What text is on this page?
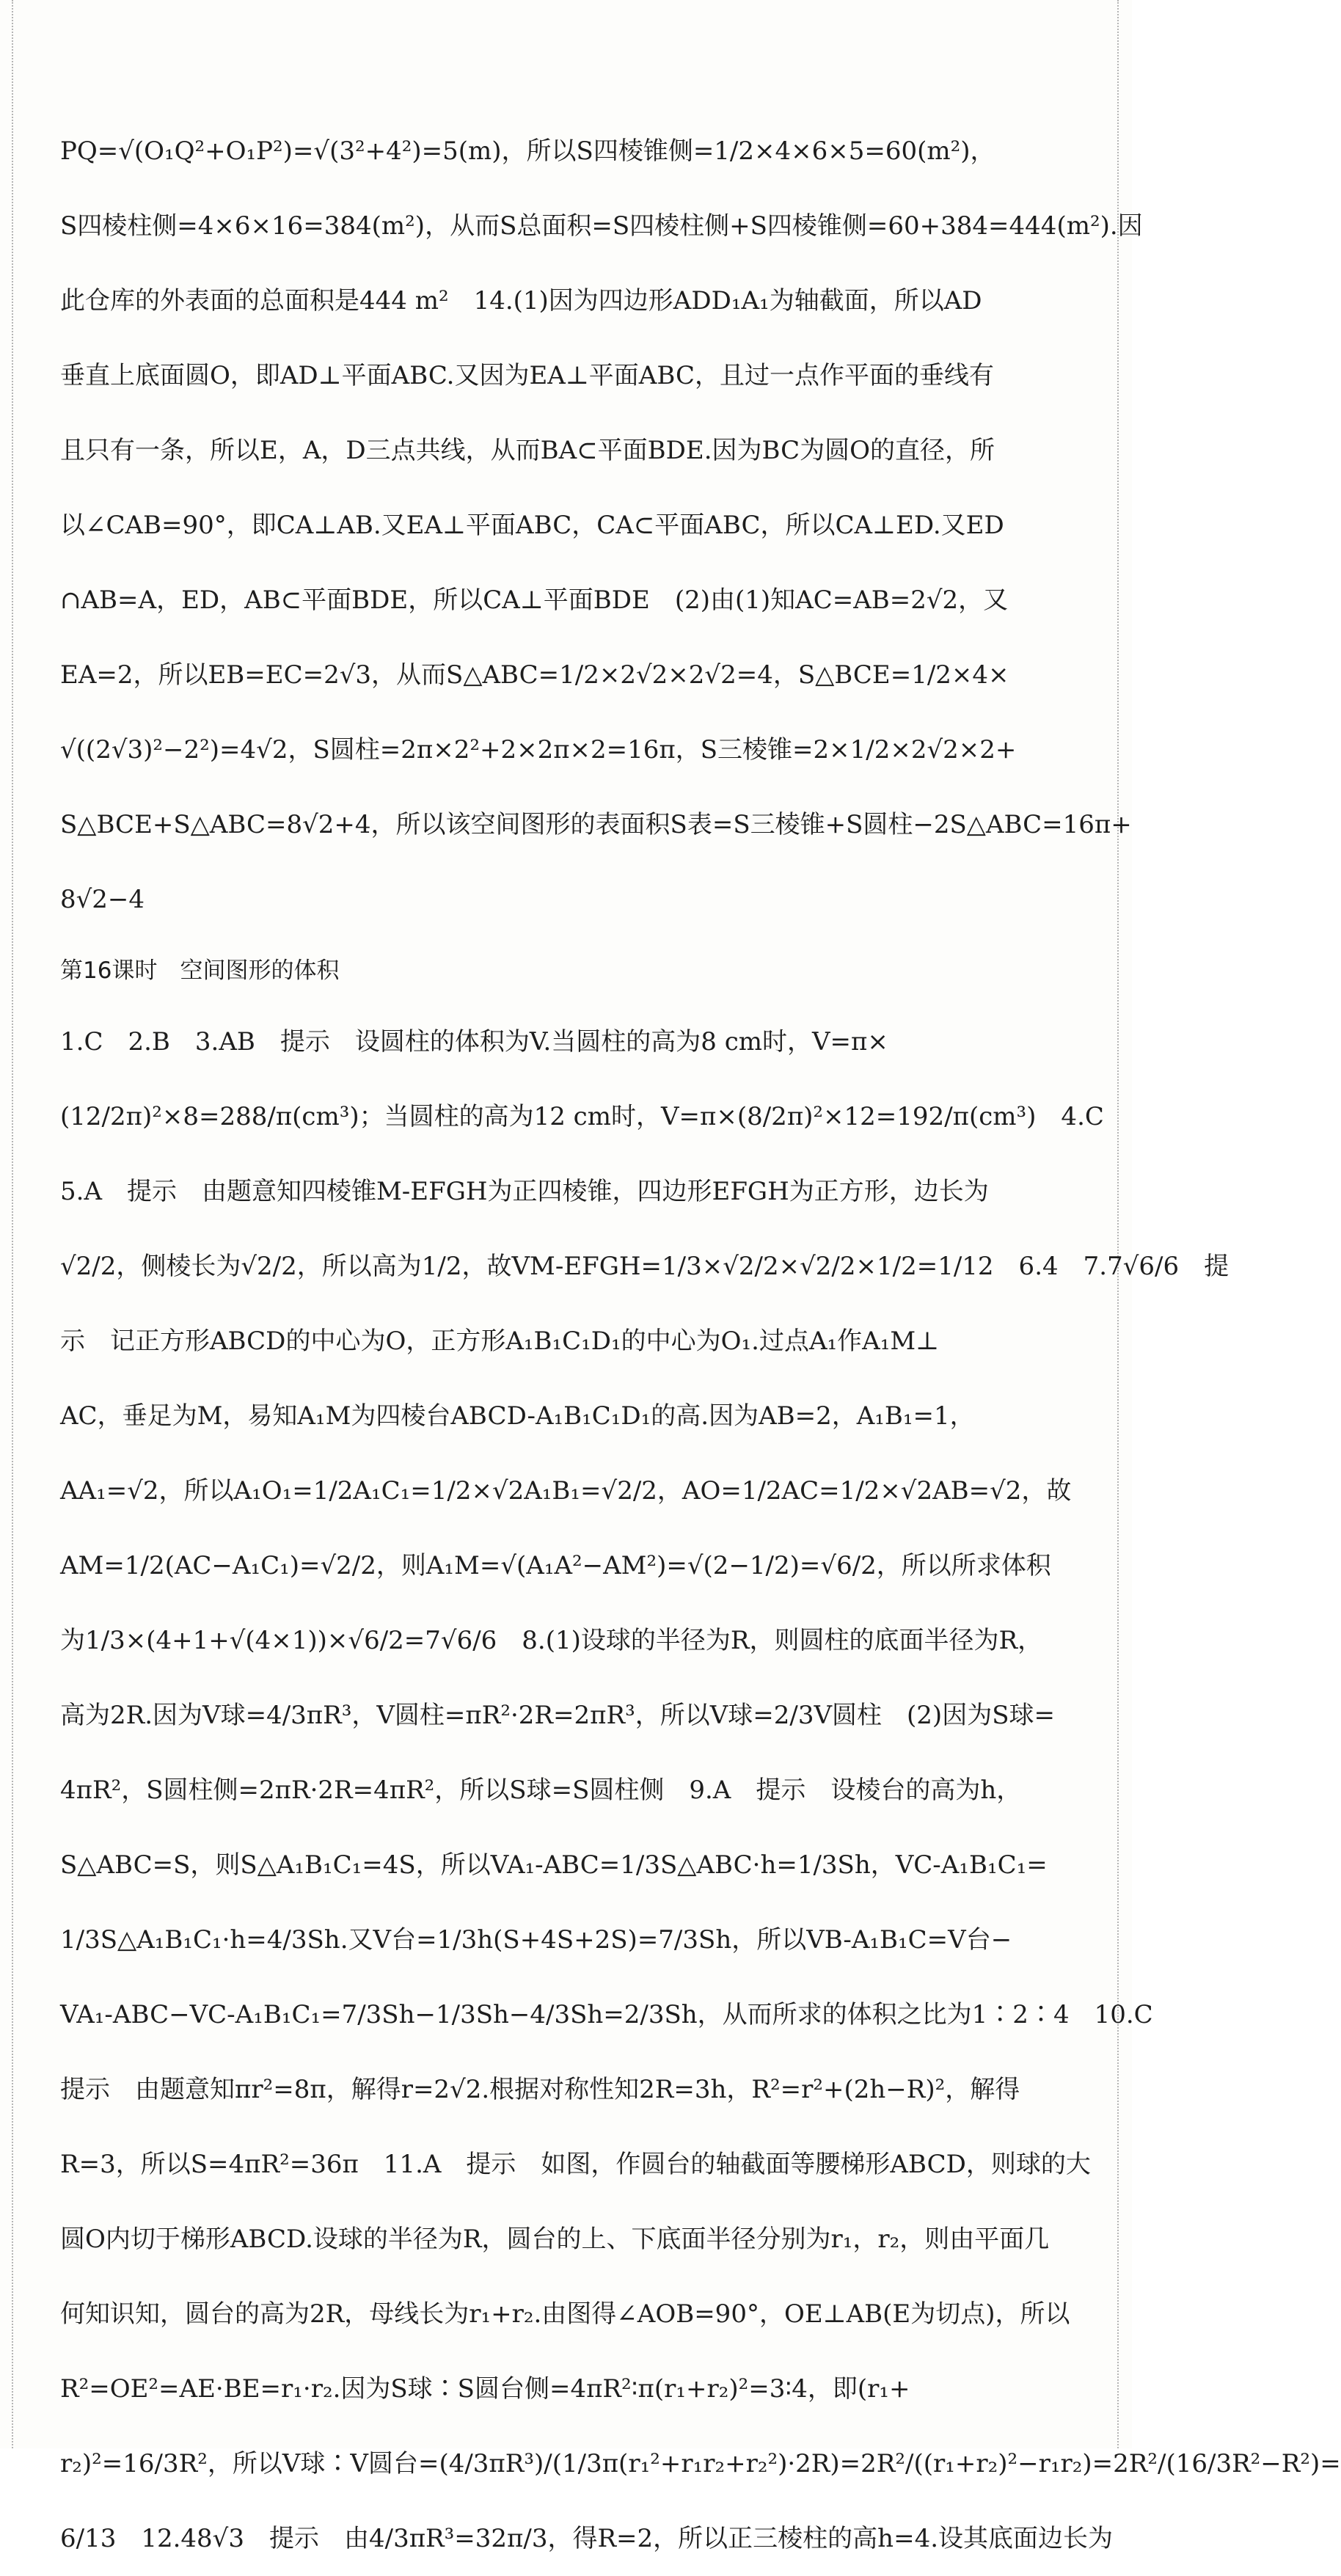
PQ=√(O₁Q²+O₁P²)=√(3²+4²)=5(m)，所以S四棱锥侧=1/2×4×6×5=60(m²)，
S四棱柱侧=4×6×16=384(m²)，从而S总面积=S四棱柱侧+S四棱锥侧=60+384=444(m²).因
此仓库的外表面的总面积是444 m²　14.(1)因为四边形ADD₁A₁为轴截面，所以AD
垂直上底面圆O，即AD⊥平面ABC.又因为EA⊥平面ABC，且过一点作平面的垂线有
且只有一条，所以E，A，D三点共线，从而BA⊂平面BDE.因为BC为圆O的直径，所
以∠CAB=90°，即CA⊥AB.又EA⊥平面ABC，CA⊂平面ABC，所以CA⊥ED.又ED
∩AB=A，ED，AB⊂平面BDE，所以CA⊥平面BDE　(2)由(1)知AC=AB=2√2，又
EA=2，所以EB=EC=2√3，从而S△ABC=1/2×2√2×2√2=4，S△BCE=1/2×4×
√((2√3)²−2²)=4√2，S圆柱=2π×2²+2×2π×2=16π，S三棱锥=2×1/2×2√2×2+
S△BCE+S△ABC=8√2+4，所以该空间图形的表面积S表=S三棱锥+S圆柱−2S△ABC=16π+
8√2−4
第16课时　空间图形的体积
1.C　2.B　3.AB　提示　设圆柱的体积为V.当圆柱的高为8 cm时，V=π×
(12/2π)²×8=288/π(cm³)；当圆柱的高为12 cm时，V=π×(8/2π)²×12=192/π(cm³)　4.C
5.A　提示　由题意知四棱锥M-EFGH为正四棱锥，四边形EFGH为正方形，边长为
√2/2，侧棱长为√2/2，所以高为1/2，故VM-EFGH=1/3×√2/2×√2/2×1/2=1/12　6.4　7.7√6/6　提
示　记正方形ABCD的中心为O，正方形A₁B₁C₁D₁的中心为O₁.过点A₁作A₁M⊥
AC，垂足为M，易知A₁M为四棱台ABCD-A₁B₁C₁D₁的高.因为AB=2，A₁B₁=1，
AA₁=√2，所以A₁O₁=1/2A₁C₁=1/2×√2A₁B₁=√2/2，AO=1/2AC=1/2×√2AB=√2，故
AM=1/2(AC−A₁C₁)=√2/2，则A₁M=√(A₁A²−AM²)=√(2−1/2)=√6/2，所以所求体积
为1/3×(4+1+√(4×1))×√6/2=7√6/6　8.(1)设球的半径为R，则圆柱的底面半径为R，
高为2R.因为V球=4/3πR³，V圆柱=πR²·2R=2πR³，所以V球=2/3V圆柱　(2)因为S球=
4πR²，S圆柱侧=2πR·2R=4πR²，所以S球=S圆柱侧　9.A　提示　设棱台的高为h，
S△ABC=S，则S△A₁B₁C₁=4S，所以VA₁-ABC=1/3S△ABC·h=1/3Sh，VC-A₁B₁C₁=
1/3S△A₁B₁C₁·h=4/3Sh.又V台=1/3h(S+4S+2S)=7/3Sh，所以VB-A₁B₁C=V台−
VA₁-ABC−VC-A₁B₁C₁=7/3Sh−1/3Sh−4/3Sh=2/3Sh，从而所求的体积之比为1∶2∶4　10.C
提示　由题意知πr²=8π，解得r=2√2.根据对称性知2R=3h，R²=r²+(2h−R)²，解得
R=3，所以S=4πR²=36π　11.A　提示　如图，作圆台的轴截面等腰梯形ABCD，则球的大
圆O内切于梯形ABCD.设球的半径为R，圆台的上、下底面半径分别为r₁，r₂，则由平面几
何知识知，圆台的高为2R，母线长为r₁+r₂.由图得∠AOB=90°，OE⊥AB(E为切点)，所以
R²=OE²=AE·BE=r₁·r₂.因为S球∶S圆台侧=4πR²∶π(r₁+r₂)²=3∶4，即(r₁+
r₂)²=16/3R²，所以V球∶V圆台=(4/3πR³)/(1/3π(r₁²+r₁r₂+r₂²)·2R)=2R²/((r₁+r₂)²−r₁r₂)=2R²/(16/3R²−R²)=
6/13　12.48√3　提示　由4/3πR³=32π/3，得R=2，所以正三棱柱的高h=4.设其底面边长为
